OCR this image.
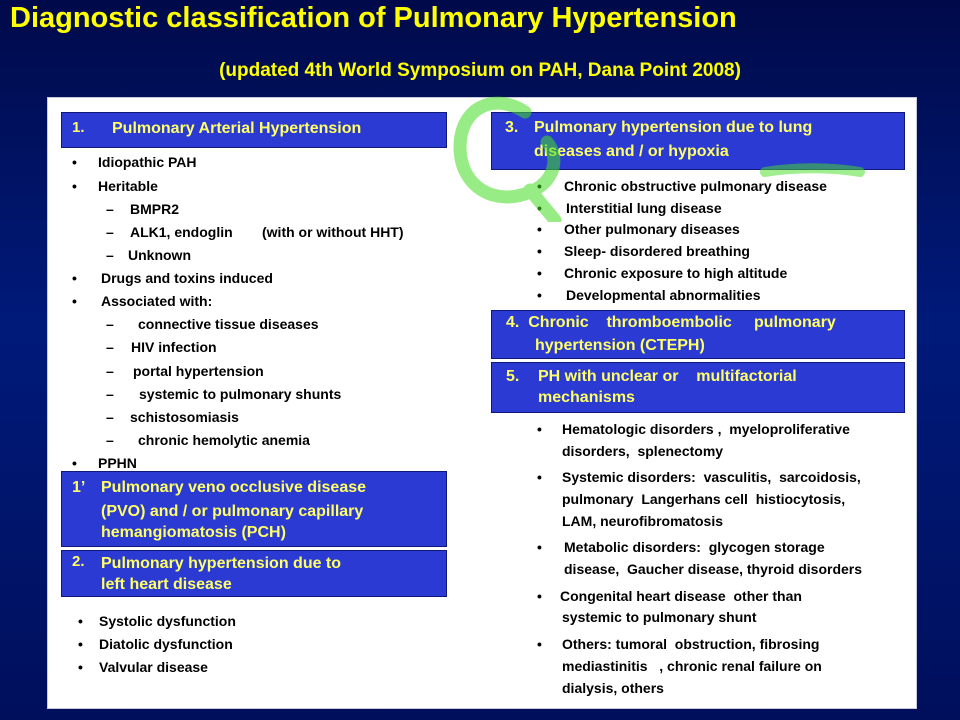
Diagnostic classification of Pulmonary Hypertension
(updated 4th World Symposium on PAH, Dana Point 2008)
1. Pulmonary Arterial Hypertension
• Idiopathic PAH
• Heritable
– BMPR2
– ALK1, endoglin (with or without HHT)
– Unknown
• Drugs and toxins induced
• Associated with:
– connective tissue diseases
– HIV infection
– portal hypertension
– systemic to pulmonary shunts
– schistosomiasis
– chronic hemolytic anemia
• PPHN
1’ Pulmonary veno occlusive disease
(PVO) and / or pulmonary capillary
hemangiomatosis (PCH)
2. Pulmonary hypertension due to
left heart disease
• Systolic dysfunction
• Diatolic dysfunction
• Valvular disease
3. Pulmonary hypertension due to lung
diseases and / or hypoxia
• Chronic obstructive pulmonary disease
• Interstitial lung disease
• Other pulmonary diseases
• Sleep- disordered breathing
• Chronic exposure to high altitude
• Developmental abnormalities
4.  Chronic    thromboembolic     pulmonary
hypertension (CTEPH)
5. PH with unclear or    multifactorial
mechanisms
• Hematologic disorders ,  myeloproliferative
disorders,  splenectomy
• Systemic disorders:  vasculitis,  sarcoidosis,
pulmonary  Langerhans cell  histiocytosis,
LAM, neurofibromatosis
• Metabolic disorders:  glycogen storage
disease,  Gaucher disease, thyroid disorders
• Congenital heart disease  other than
systemic to pulmonary shunt
• Others: tumoral  obstruction, fibrosing
mediastinitis   , chronic renal failure on
dialysis, others
